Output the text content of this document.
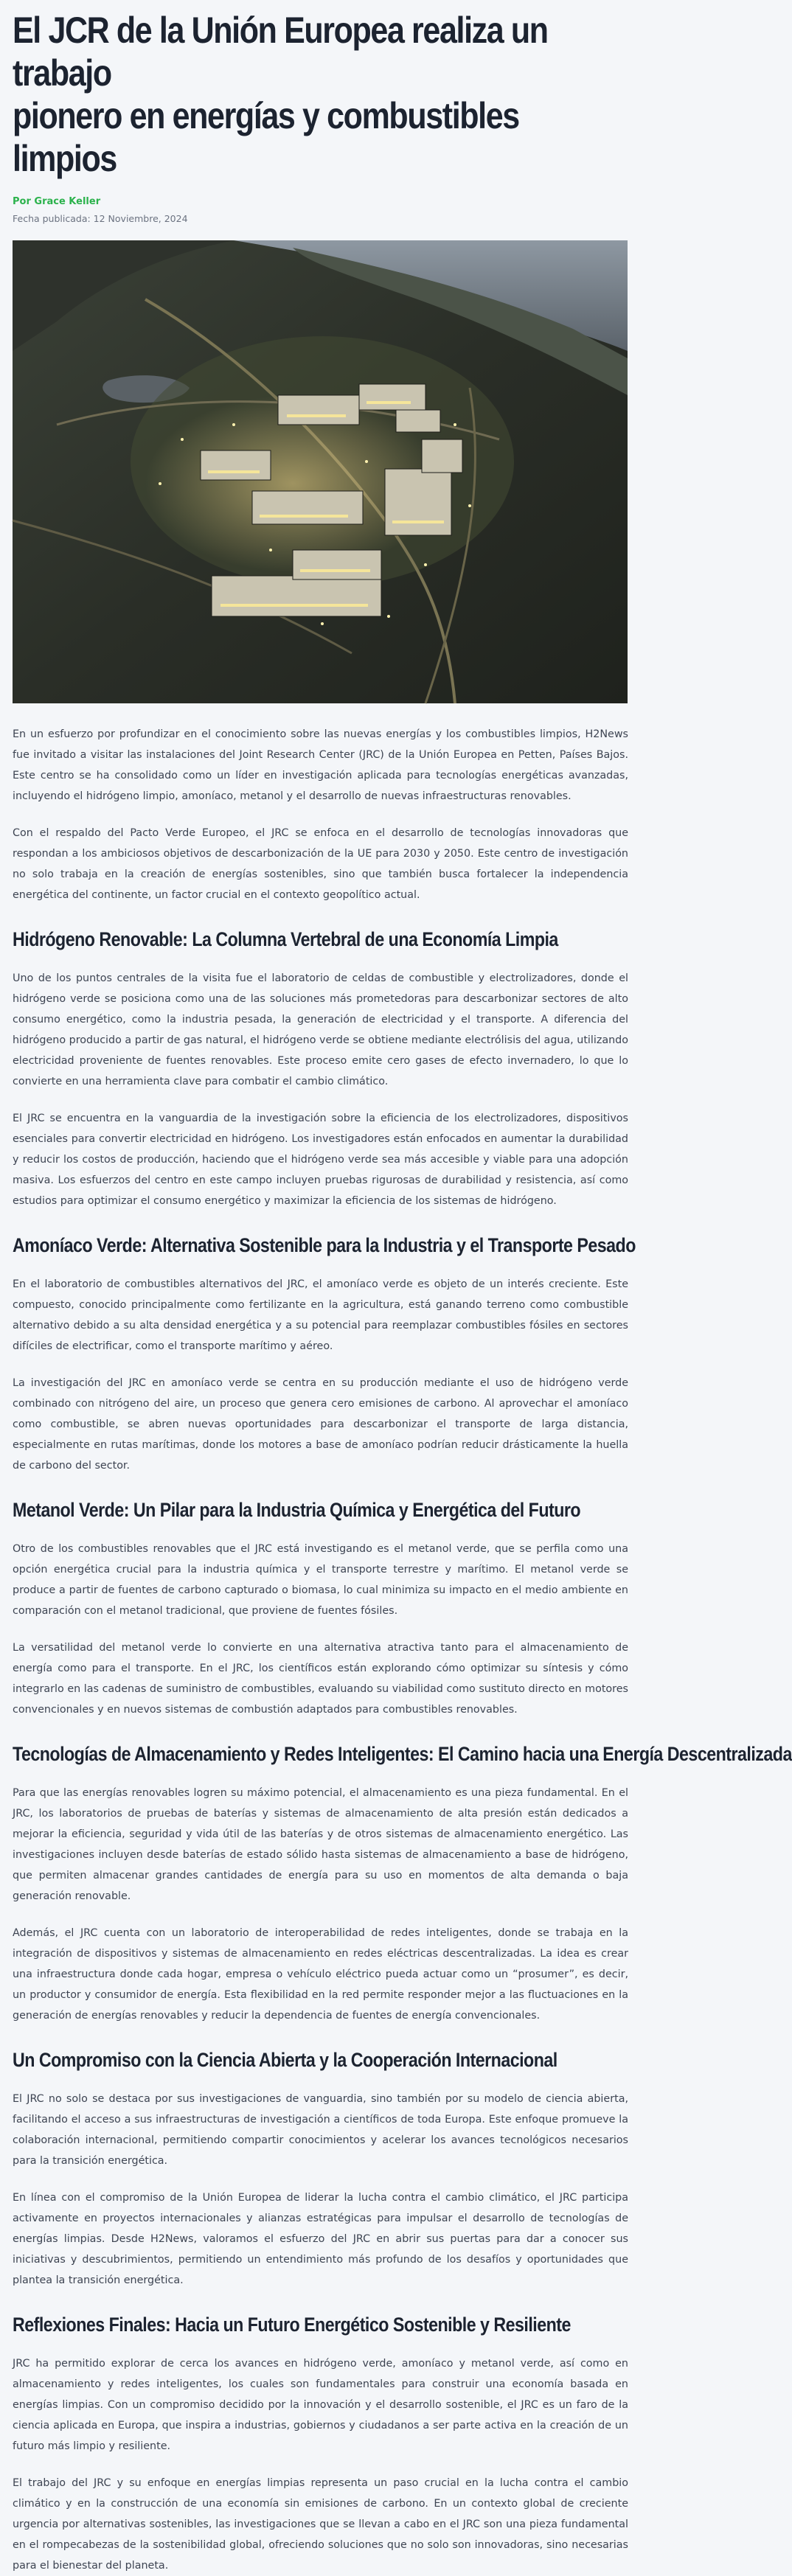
El JCR de la Unión Europea realiza un trabajo
pionero en energías y combustibles limpios
Por Grace Keller
Fecha publicada: 12 Noviembre, 2024

En un esfuerzo por profundizar en el conocimiento sobre las nuevas energías y los combustibles limpios, H2News fue invitado a visitar las instalaciones del Joint Research Center (JRC) de la Unión Europea en Petten, Países Bajos. Este centro se ha consolidado como un líder en investigación aplicada para tecnologías energéticas avanzadas, incluyendo el hidrógeno limpio, amoníaco, metanol y el desarrollo de nuevas infraestructuras renovables.

Con el respaldo del Pacto Verde Europeo, el JRC se enfoca en el desarrollo de tecnologías innovadoras que respondan a los ambiciosos objetivos de descarbonización de la UE para 2030 y 2050. Este centro de investigación no solo trabaja en la creación de energías sostenibles, sino que también busca fortalecer la independencia energética del continente, un factor crucial en el contexto geopolítico actual.

Hidrógeno Renovable: La Columna Vertebral de una Economía Limpia

Uno de los puntos centrales de la visita fue el laboratorio de celdas de combustible y electrolizadores, donde el hidrógeno verde se posiciona como una de las soluciones más prometedoras para descarbonizar sectores de alto consumo energético, como la industria pesada, la generación de electricidad y el transporte. A diferencia del hidrógeno producido a partir de gas natural, el hidrógeno verde se obtiene mediante electrólisis del agua, utilizando electricidad proveniente de fuentes renovables. Este proceso emite cero gases de efecto invernadero, lo que lo convierte en una herramienta clave para combatir el cambio climático.

El JRC se encuentra en la vanguardia de la investigación sobre la eficiencia de los electrolizadores, dispositivos esenciales para convertir electricidad en hidrógeno. Los investigadores están enfocados en aumentar la durabilidad y reducir los costos de producción, haciendo que el hidrógeno verde sea más accesible y viable para una adopción masiva. Los esfuerzos del centro en este campo incluyen pruebas rigurosas de durabilidad y resistencia, así como estudios para optimizar el consumo energético y maximizar la eficiencia de los sistemas de hidrógeno.

Amoníaco Verde: Alternativa Sostenible para la Industria y el Transporte Pesado

En el laboratorio de combustibles alternativos del JRC, el amoníaco verde es objeto de un interés creciente. Este compuesto, conocido principalmente como fertilizante en la agricultura, está ganando terreno como combustible alternativo debido a su alta densidad energética y a su potencial para reemplazar combustibles fósiles en sectores difíciles de electrificar, como el transporte marítimo y aéreo.

La investigación del JRC en amoníaco verde se centra en su producción mediante el uso de hidrógeno verde combinado con nitrógeno del aire, un proceso que genera cero emisiones de carbono. Al aprovechar el amoníaco como combustible, se abren nuevas oportunidades para descarbonizar el transporte de larga distancia, especialmente en rutas marítimas, donde los motores a base de amoníaco podrían reducir drásticamente la huella de carbono del sector.

Metanol Verde: Un Pilar para la Industria Química y Energética del Futuro

Otro de los combustibles renovables que el JRC está investigando es el metanol verde, que se perfila como una opción energética crucial para la industria química y el transporte terrestre y marítimo. El metanol verde se produce a partir de fuentes de carbono capturado o biomasa, lo cual minimiza su impacto en el medio ambiente en comparación con el metanol tradicional, que proviene de fuentes fósiles.

La versatilidad del metanol verde lo convierte en una alternativa atractiva tanto para el almacenamiento de energía como para el transporte. En el JRC, los científicos están explorando cómo optimizar su síntesis y cómo integrarlo en las cadenas de suministro de combustibles, evaluando su viabilidad como sustituto directo en motores convencionales y en nuevos sistemas de combustión adaptados para combustibles renovables.

Tecnologías de Almacenamiento y Redes Inteligentes: El Camino hacia una Energía Descentralizada

Para que las energías renovables logren su máximo potencial, el almacenamiento es una pieza fundamental. En el JRC, los laboratorios de pruebas de baterías y sistemas de almacenamiento de alta presión están dedicados a mejorar la eficiencia, seguridad y vida útil de las baterías y de otros sistemas de almacenamiento energético. Las investigaciones incluyen desde baterías de estado sólido hasta sistemas de almacenamiento a base de hidrógeno, que permiten almacenar grandes cantidades de energía para su uso en momentos de alta demanda o baja generación renovable.

Además, el JRC cuenta con un laboratorio de interoperabilidad de redes inteligentes, donde se trabaja en la integración de dispositivos y sistemas de almacenamiento en redes eléctricas descentralizadas. La idea es crear una infraestructura donde cada hogar, empresa o vehículo eléctrico pueda actuar como un “prosumer”, es decir, un productor y consumidor de energía. Esta flexibilidad en la red permite responder mejor a las fluctuaciones en la generación de energías renovables y reducir la dependencia de fuentes de energía convencionales.

Un Compromiso con la Ciencia Abierta y la Cooperación Internacional

El JRC no solo se destaca por sus investigaciones de vanguardia, sino también por su modelo de ciencia abierta, facilitando el acceso a sus infraestructuras de investigación a científicos de toda Europa. Este enfoque promueve la colaboración internacional, permitiendo compartir conocimientos y acelerar los avances tecnológicos necesarios para la transición energética.

En línea con el compromiso de la Unión Europea de liderar la lucha contra el cambio climático, el JRC participa activamente en proyectos internacionales y alianzas estratégicas para impulsar el desarrollo de tecnologías de energías limpias. Desde H2News, valoramos el esfuerzo del JRC en abrir sus puertas para dar a conocer sus iniciativas y descubrimientos, permitiendo un entendimiento más profundo de los desafíos y oportunidades que plantea la transición energética.

Reflexiones Finales: Hacia un Futuro Energético Sostenible y Resiliente

JRC ha permitido explorar de cerca los avances en hidrógeno verde, amoníaco y metanol verde, así como en almacenamiento y redes inteligentes, los cuales son fundamentales para construir una economía basada en energías limpias. Con un compromiso decidido por la innovación y el desarrollo sostenible, el JRC es un faro de la ciencia aplicada en Europa, que inspira a industrias, gobiernos y ciudadanos a ser parte activa en la creación de un futuro más limpio y resiliente.

El trabajo del JRC y su enfoque en energías limpias representa un paso crucial en la lucha contra el cambio climático y en la construcción de una economía sin emisiones de carbono. En un contexto global de creciente urgencia por alternativas sostenibles, las investigaciones que se llevan a cabo en el JRC son una pieza fundamental en el rompecabezas de la sostenibilidad global, ofreciendo soluciones que no solo son innovadoras, sino necesarias para el bienestar del planeta.
